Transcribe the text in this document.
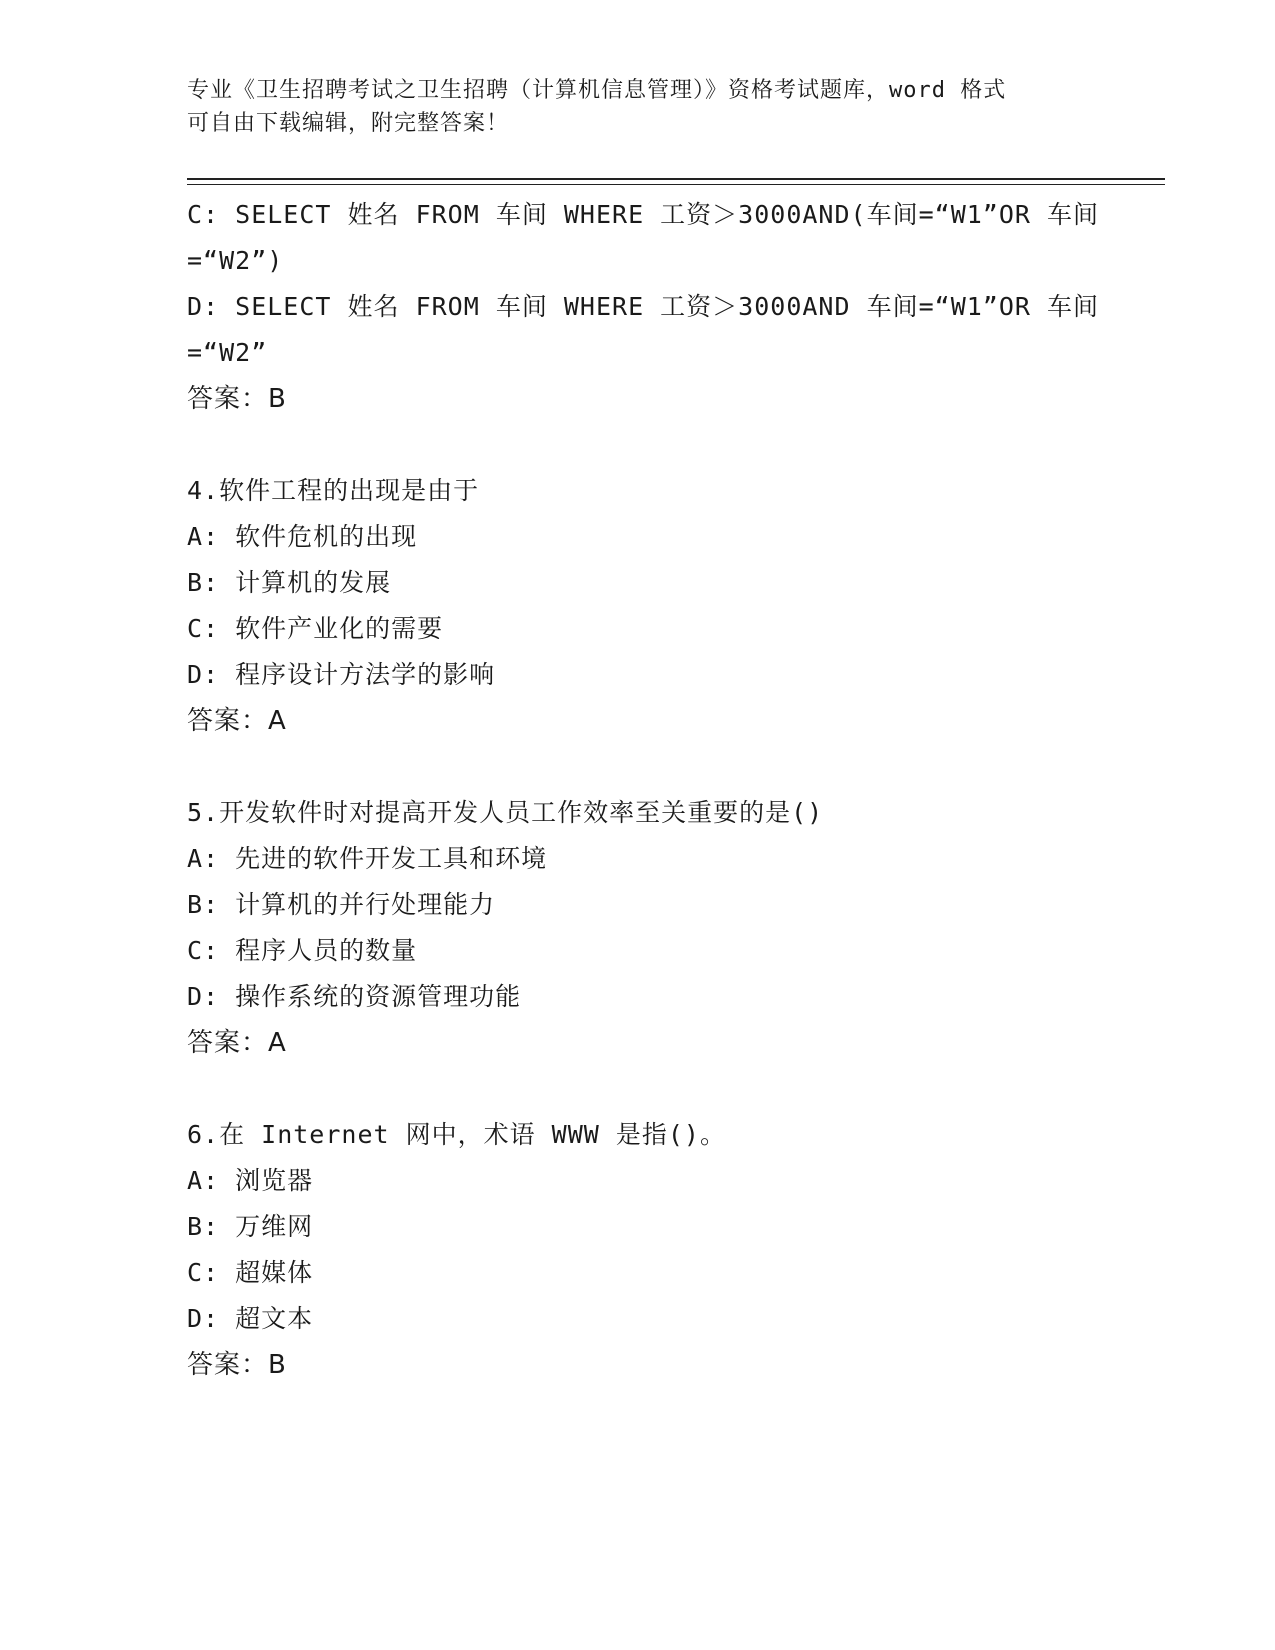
专业《卫生招聘考试之卫生招聘（计算机信息管理）》资格考试题库，word 格式
可自由下载编辑，附完整答案！
C: SELECT 姓名 FROM 车间 WHERE 工资＞3000AND(车间=“W1”OR 车间
=“W2”)
D: SELECT 姓名 FROM 车间 WHERE 工资＞3000AND 车间=“W1”OR 车间
=“W2”
答案：B
4.软件工程的出现是由于
A: 软件危机的出现
B: 计算机的发展
C: 软件产业化的需要
D: 程序设计方法学的影响
答案：A
5.开发软件时对提高开发人员工作效率至关重要的是()
A: 先进的软件开发工具和环境
B: 计算机的并行处理能力
C: 程序人员的数量
D: 操作系统的资源管理功能
答案：A
6.在 Internet 网中，术语 WWW 是指()。
A: 浏览器
B: 万维网
C: 超媒体
D: 超文本
答案：B
